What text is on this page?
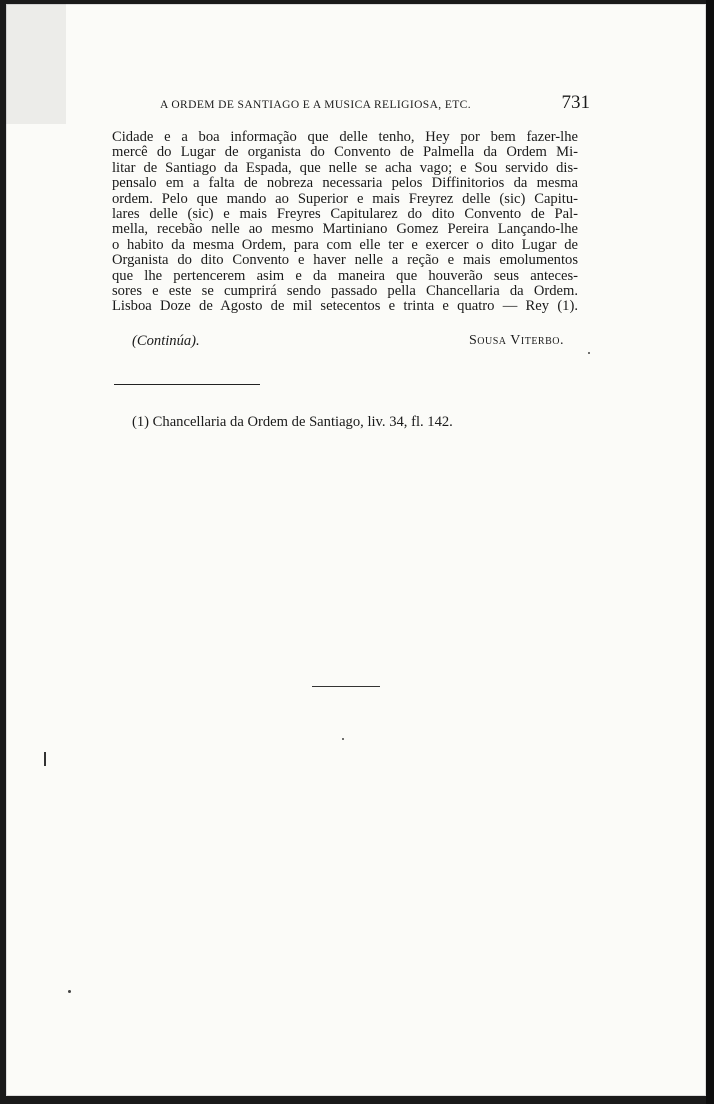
A ORDEM DE SANTIAGO E A MUSICA RELIGIOSA, ETC.	731
Cidade e a boa informação que delle tenho, Hey por bem fazer-lhe
mercê do Lugar de organista do Convento de Palmella da Ordem Mi-
litar de Santiago da Espada, que nelle se acha vago; e Sou servido dis-
pensalo em a falta de nobreza necessaria pelos Diffinitorios da mesma
ordem. Pelo que mando ao Superior e mais Freyrez delle (sic) Capitu-
lares delle (sic) e mais Freyres Capitularez do dito Convento de Pal-
mella, recebão nelle ao mesmo Martiniano Gomez Pereira Lançando-lhe
o habito da mesma Ordem, para com elle ter e exercer o dito Lugar de
Organista do dito Convento e haver nelle a reção e mais emolumentos
que lhe pertencerem asim e da maneira que houverão seus anteces-
sores e este se cumprirá sendo passado pella Chancellaria da Ordem.
Lisboa Doze de Agosto de mil setecentos e trinta e quatro — Rey (1).
(Continúa).	Sousa Viterbo.
(1) Chancellaria da Ordem de Santiago, liv. 34, fl. 142.
